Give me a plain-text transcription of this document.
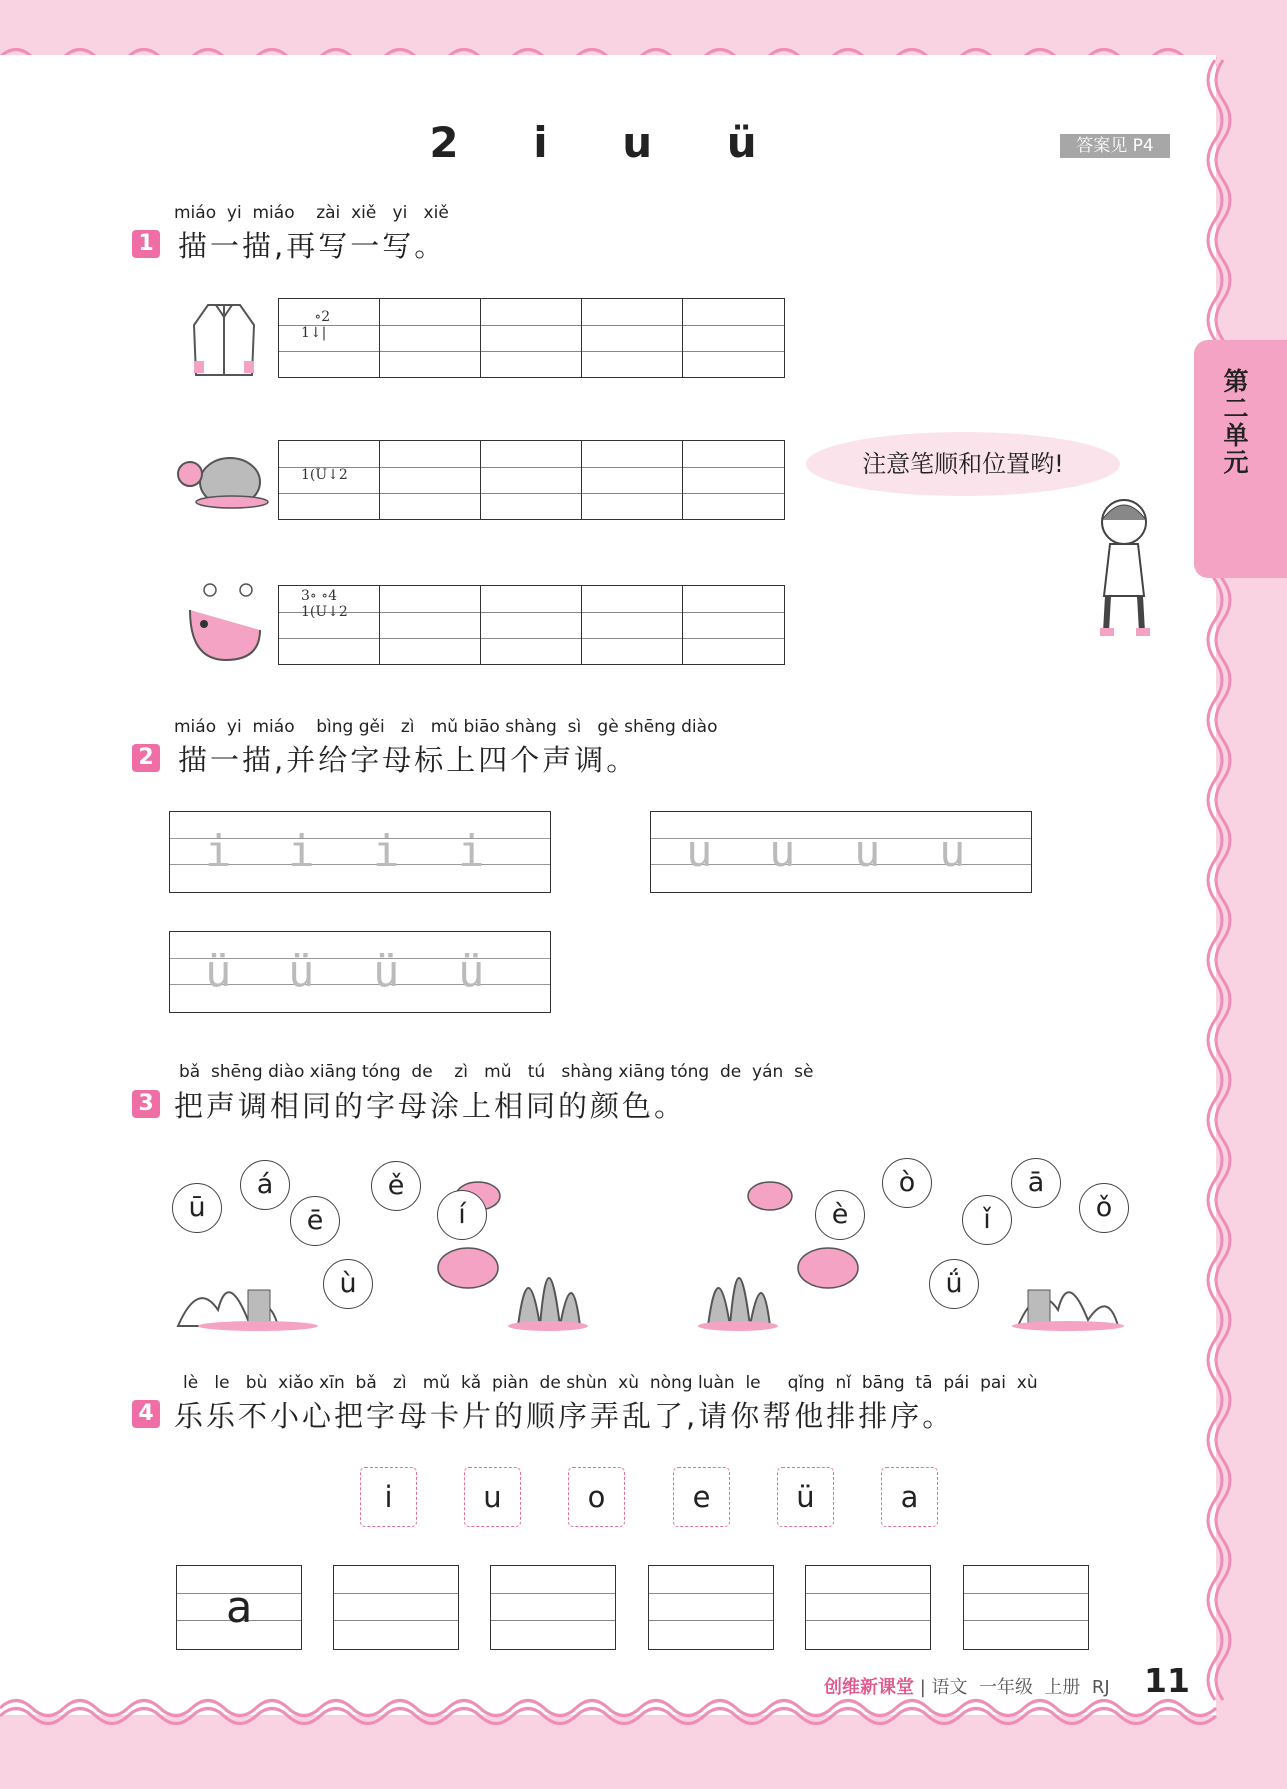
第二单元
2 i u ü	答案见 P4
miáo  yi  miáo    zài  xiě   yi   xiě
1 描一描,再写一写。
∘2
1↓|
1(U↓2
3∘ ∘4
1(U↓2
注意笔顺和位置哟!
miáo  yi  miáo    bìng gěi   zì   mǔ biāo shàng  sì   gè shēng diào
2 描一描,并给字母标上四个声调。
i i i i	u u u u
ü ü ü ü
bǎ  shēng diào xiāng tóng  de    zì   mǔ   tú   shàng xiāng tóng  de  yán  sè
3 把声调相同的字母涂上相同的颜色。
ū
á
ē
ě
ù
í	è
ò	ā
ǐ	ǒ
ǘ
lè   le   bù  xiǎo xīn  bǎ   zì   mǔ  kǎ  piàn  de shùn  xù  nòng luàn  le     qǐng  nǐ  bāng  tā  pái  pai  xù
4 乐乐不小心把字母卡片的顺序弄乱了,请你帮他排排序。
i	u	o	e	ü	a
a
创维新课堂 | 语文  一年级  上册  RJ 11
